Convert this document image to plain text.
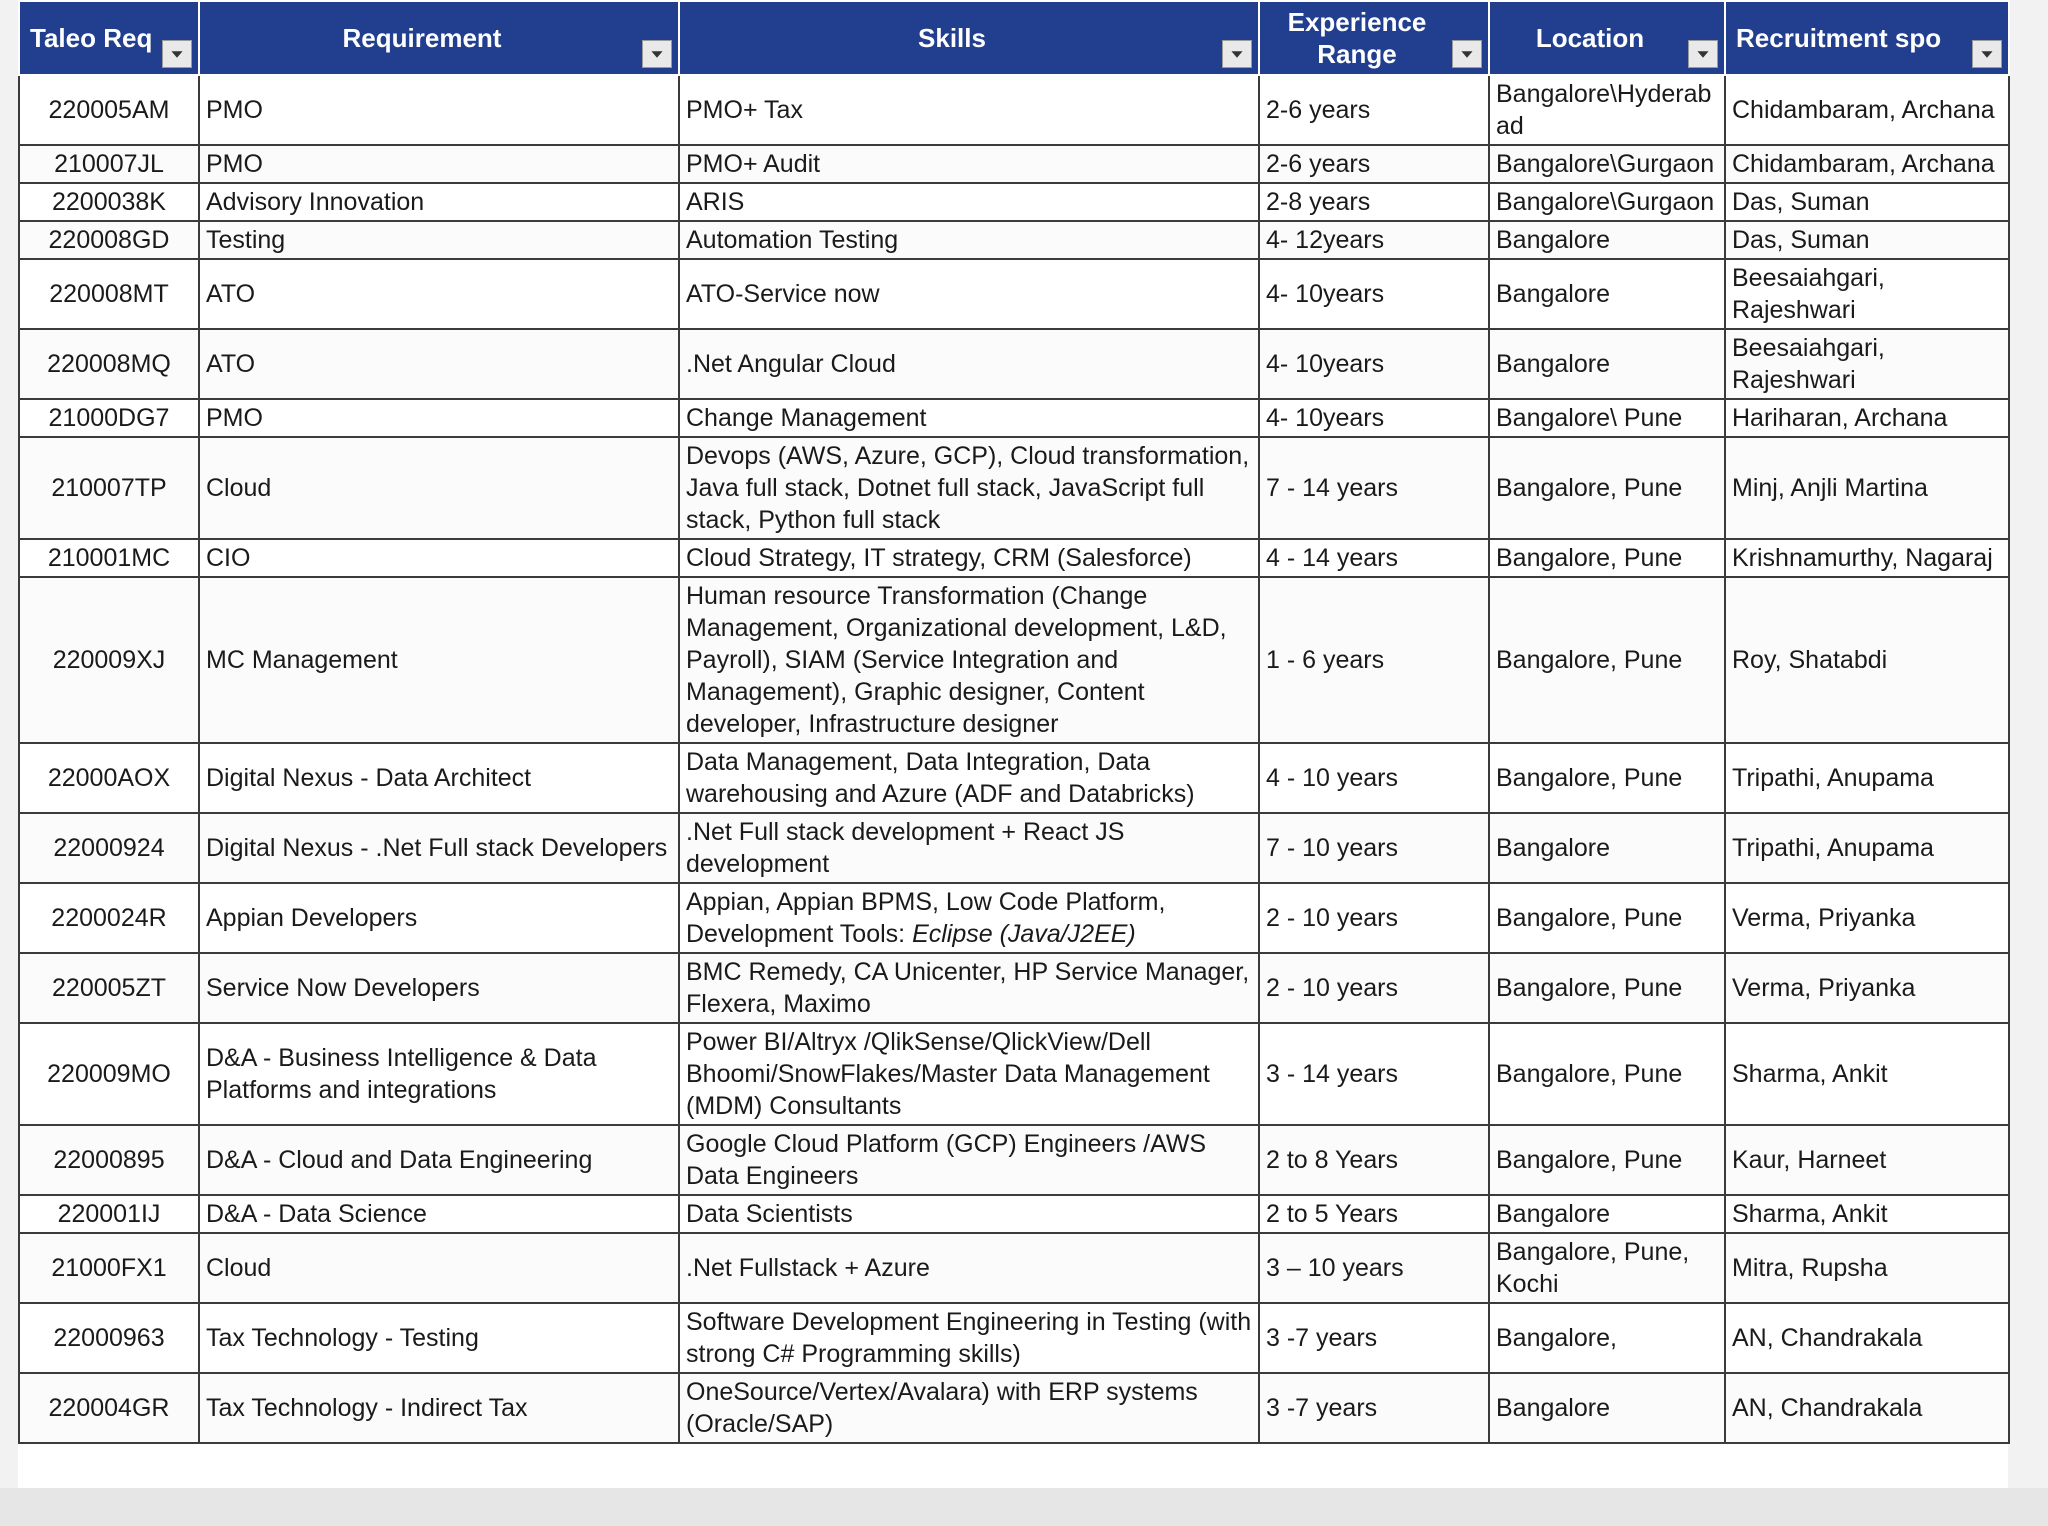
Taleo Req	Requirement	Skills	Experience Range	Location	Recruitment spo

220005AM	PMO	PMO+ Tax	2-6 years	Bangalore\Hyderabad	Chidambaram, Archana
210007JL	PMO	PMO+ Audit	2-6 years	Bangalore\Gurgaon	Chidambaram, Archana
2200038K	Advisory Innovation	ARIS	2-8 years	Bangalore\Gurgaon	Das, Suman
220008GD	Testing	Automation Testing	4- 12years	Bangalore	Das, Suman
220008MT	ATO	ATO-Service now	4- 10years	Bangalore	Beesaiahgari, Rajeshwari
220008MQ	ATO	.Net Angular Cloud	4- 10years	Bangalore	Beesaiahgari, Rajeshwari
21000DG7	PMO	Change Management	4- 10years	Bangalore\ Pune	Hariharan, Archana
210007TP	Cloud	Devops (AWS, Azure, GCP), Cloud transformation, Java full stack, Dotnet full stack, JavaScript full stack, Python full stack	7 - 14 years	Bangalore, Pune	Minj, Anjli Martina
210001MC	CIO	Cloud Strategy, IT strategy, CRM (Salesforce)	4 - 14 years	Bangalore, Pune	Krishnamurthy, Nagaraj
220009XJ	MC Management	Human resource Transformation (Change Management, Organizational development, L&D, Payroll), SIAM (Service Integration and Management), Graphic designer, Content developer, Infrastructure designer	1 - 6 years	Bangalore, Pune	Roy, Shatabdi
22000AOX	Digital Nexus - Data Architect	Data Management, Data Integration, Data warehousing and Azure (ADF and Databricks)	4 - 10 years	Bangalore, Pune	Tripathi, Anupama
22000924	Digital Nexus - .Net Full stack Developers	.Net Full stack development + React JS development	7 - 10 years	Bangalore	Tripathi, Anupama
2200024R	Appian Developers	Appian, Appian BPMS, Low Code Platform, Development Tools: Eclipse (Java/J2EE)	2 - 10 years	Bangalore, Pune	Verma, Priyanka
220005ZT	Service Now Developers	BMC Remedy, CA Unicenter, HP Service Manager, Flexera, Maximo	2 - 10 years	Bangalore, Pune	Verma, Priyanka
220009MO	D&A - Business Intelligence & Data Platforms and integrations	Power BI/Altryx /QlikSense/QlickView/Dell Bhoomi/SnowFlakes/Master Data Management (MDM) Consultants	3 - 14 years	Bangalore, Pune	Sharma, Ankit
22000895	D&A - Cloud and Data Engineering	Google Cloud Platform (GCP) Engineers /AWS Data Engineers	2 to 8 Years	Bangalore, Pune	Kaur, Harneet
220001IJ	D&A - Data Science	Data Scientists	2 to 5 Years	Bangalore	Sharma, Ankit
21000FX1	Cloud	.Net Fullstack + Azure	3 – 10 years	Bangalore, Pune, Kochi	Mitra, Rupsha
22000963	Tax Technology - Testing	Software Development Engineering in Testing (with strong C# Programming skills)	3 -7 years	Bangalore,	AN, Chandrakala
220004GR	Tax Technology - Indirect Tax	OneSource/Vertex/Avalara) with ERP systems (Oracle/SAP)	3 -7 years	Bangalore	AN, Chandrakala
